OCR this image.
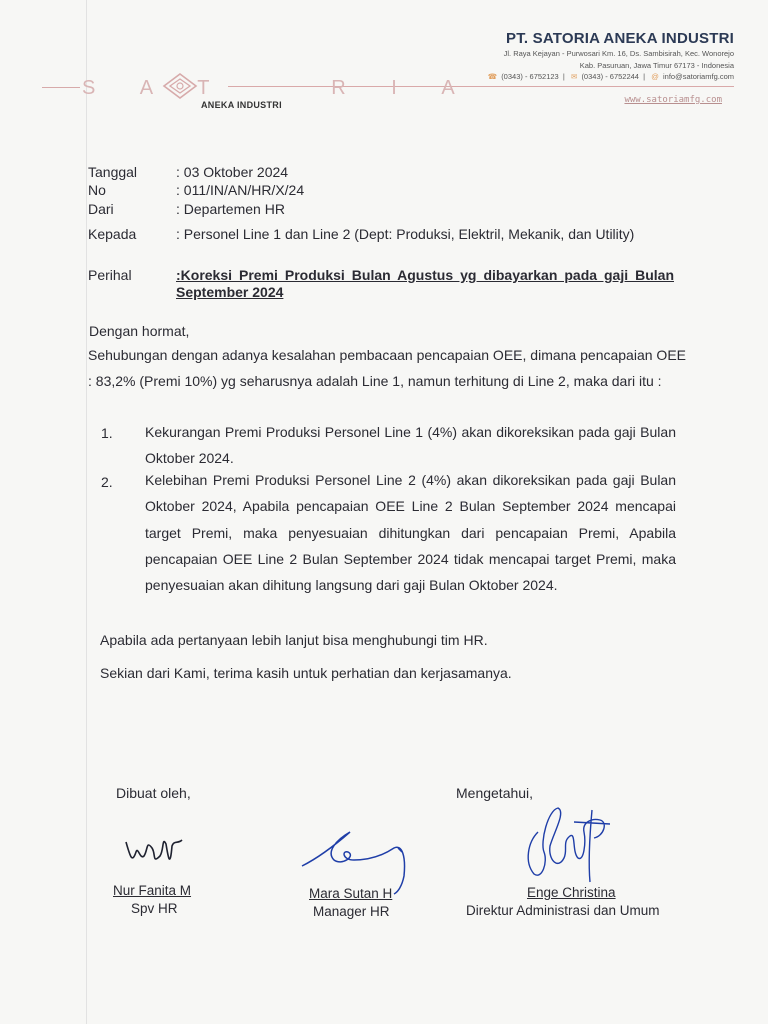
PT. SATORIA ANEKA INDUSTRI
Jl. Raya Kejayan - Purwosari Km. 16, Ds. Sambisirah, Kec. Wonorejo
Kab. Pasuruan, Jawa Timur 67173 - Indonesia
☎ (0343) - 6752123  |  ✉ (0343) - 6752244  |  @ info@satoriamfg.com
www.satoriamfg.com
S A T    R I A
ANEKA INDUSTRI
Tanggal	: 03 Oktober 2024
No	: 011/IN/AN/HR/X/24
Dari	: Departemen HR
Kepada	: Personel Line 1 dan Line 2 (Dept: Produksi, Elektril, Mekanik, dan Utility)
Perihal	:Koreksi Premi Produksi Bulan Agustus yg dibayarkan pada gaji Bulan September 2024
Dengan hormat,
Sehubungan dengan adanya kesalahan pembacaan pencapaian OEE, dimana pencapaian OEE : 83,2% (Premi 10%) yg seharusnya adalah Line 1, namun terhitung di Line 2, maka dari itu :
1. Kekurangan Premi Produksi Personel Line 1 (4%) akan dikoreksikan pada gaji Bulan Oktober 2024.
2. Kelebihan Premi Produksi Personel Line 2 (4%) akan dikoreksikan pada gaji Bulan Oktober 2024, Apabila pencapaian OEE Line 2 Bulan September 2024 mencapai target Premi, maka penyesuaian dihitungkan dari pencapaian Premi, Apabila pencapaian OEE Line 2 Bulan September 2024 tidak mencapai target Premi, maka penyesuaian akan dihitung langsung dari gaji Bulan Oktober 2024.
Apabila ada pertanyaan lebih lanjut bisa menghubungi tim HR.
Sekian dari Kami, terima kasih untuk perhatian dan kerjasamanya.
Dibuat oleh,	Mengetahui,
Nur Fanita M
Spv HR
Mara Sutan H
Manager HR
Enge Christina
Direktur Administrasi dan Umum
